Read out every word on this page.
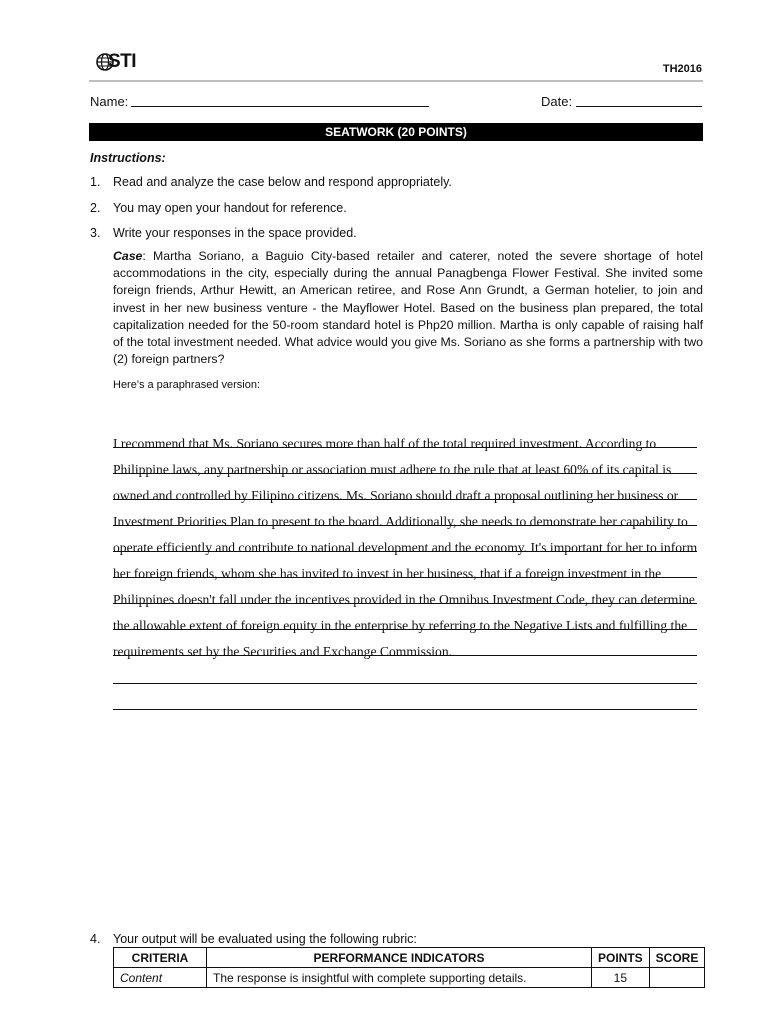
STI	TH2016
Name:	Date:
SEATWORK (20 POINTS)
Instructions:
1. Read and analyze the case below and respond appropriately.
2. You may open your handout for reference.
3. Write your responses in the space provided.
Case: Martha Soriano, a Baguio City-based retailer and caterer, noted the severe shortage of hotel accommodations in the city, especially during the annual Panagbenga Flower Festival. She invited some foreign friends, Arthur Hewitt, an American retiree, and Rose Ann Grundt, a German hotelier, to join and invest in her new business venture - the Mayflower Hotel. Based on the business plan prepared, the total capitalization needed for the 50-room standard hotel is Php20 million. Martha is only capable of raising half of the total investment needed. What advice would you give Ms. Soriano as she forms a partnership with two (2) foreign partners?
Here's a paraphrased version:
I recommend that Ms. Soriano secures more than half of the total required investment. According to
Philippine laws, any partnership or association must adhere to the rule that at least 60% of its capital is
owned and controlled by Filipino citizens. Ms. Soriano should draft a proposal outlining her business or
Investment Priorities Plan to present to the board. Additionally, she needs to demonstrate her capability to
operate efficiently and contribute to national development and the economy. It's important for her to inform
her foreign friends, whom she has invited to invest in her business, that if a foreign investment in the
Philippines doesn't fall under the incentives provided in the Omnibus Investment Code, they can determine
the allowable extent of foreign equity in the enterprise by referring to the Negative Lists and fulfilling the
requirements set by the Securities and Exchange Commission.
4. Your output will be evaluated using the following rubric:
CRITERIA	PERFORMANCE INDICATORS	POINTS	SCORE
Content	The response is insightful with complete supporting details.	15	
